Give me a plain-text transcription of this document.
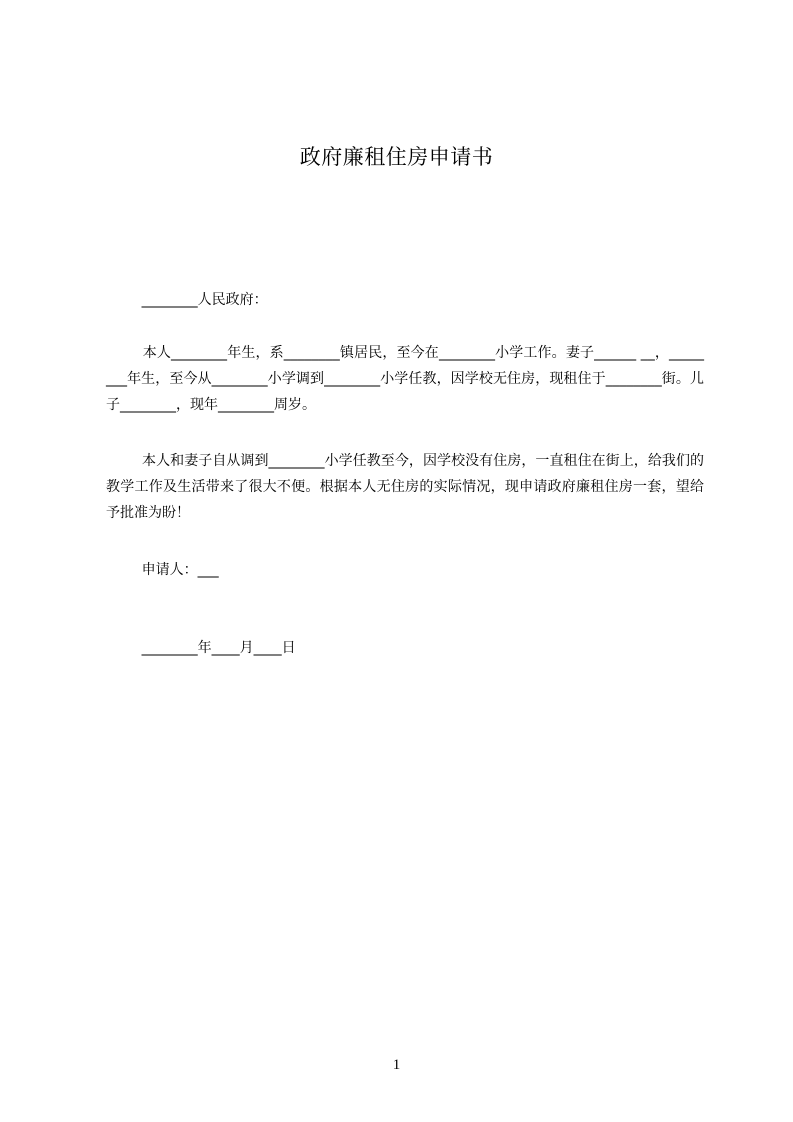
政府廉租住房申请书
________人民政府：
本人________年生，系________镇居民，至今在________小学工作。妻子______ __，________年生，至今从________小学调到________小学任教，因学校无住房，现租住于________街。儿子________，现年________周岁。
本人和妻子自从调到________小学任教至今，因学校没有住房，一直租住在街上，给我们的教学工作及生活带来了很大不便。根据本人无住房的实际情况，现申请政府廉租住房一套，望给予批准为盼！
申请人：___
________年____月____日
1
